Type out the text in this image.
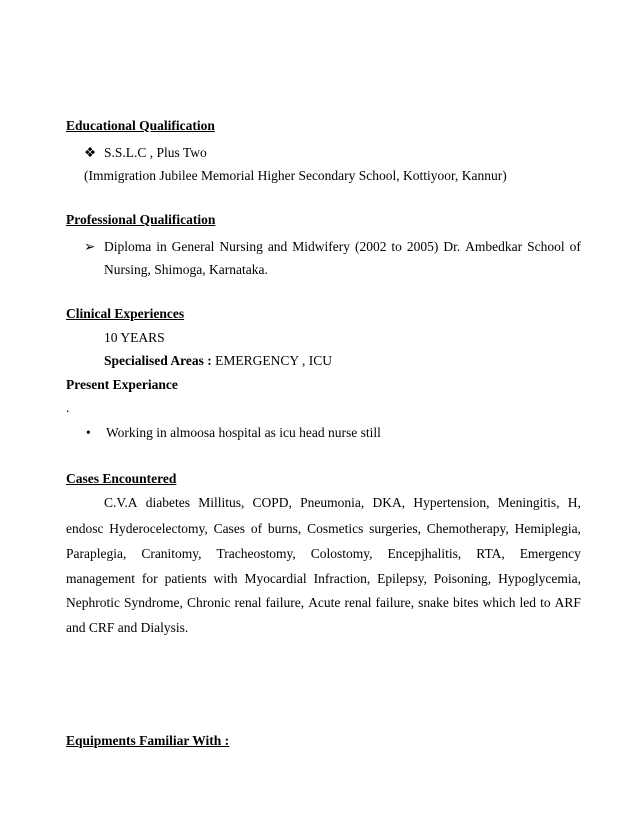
Educational Qualification
❖ S.S.L.C , Plus Two
(Immigration Jubilee Memorial Higher Secondary School, Kottiyoor, Kannur)
Professional Qualification
➢ Diploma in General Nursing and Midwifery (2002 to 2005) Dr. Ambedkar School of
Nursing, Shimoga, Karnataka.
Clinical Experiences
10 YEARS
Specialised Areas : EMERGENCY , ICU
Present Experiance
.
• Working in almoosa hospital as icu head nurse still
Cases Encountered
C.V.A diabetes Millitus, COPD, Pneumonia, DKA, Hypertension, Meningitis, H,
endosc Hyderocelectomy, Cases of burns, Cosmetics surgeries, Chemotherapy, Hemiplegia,
Paraplegia, Cranitomy, Tracheostomy, Colostomy, Encepjhalitis, RTA, Emergency
management for patients with Myocardial Infraction, Epilepsy, Poisoning, Hypoglycemia,
Nephrotic Syndrome, Chronic renal failure, Acute renal failure, snake bites which led to ARF
and CRF and Dialysis.
Equipments Familiar With :
